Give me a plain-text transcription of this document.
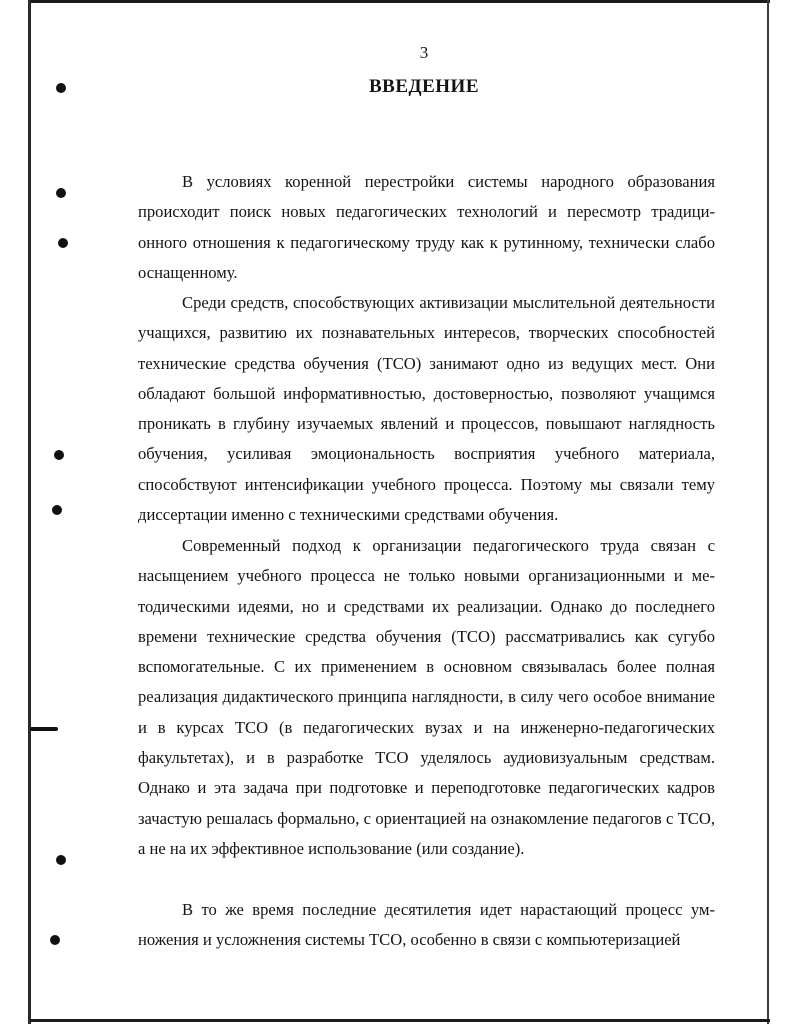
3
ВВЕДЕНИЕ

В условиях коренной перестройки системы народного образования происходит поиск новых педагогических технологий и пересмотр традиционного отношения к педагогическому труду как к рутинному, технически слабо оснащенному.

Среди средств, способствующих активизации мыслительной деятельности учащихся, развитию их познавательных интересов, творческих способностей технические средства обучения (ТСО) занимают одно из ведущих мест. Они обладают большой информативностью, достоверностью, позволяют учащимся проникать в глубину изучаемых явлений и процессов, повышают наглядность обучения, усиливая эмоциональность восприятия учебного материала, способствуют интенсификации учебного процесса. Поэтому мы связали тему диссертации именно с техническими средствами обучения.

Современный подход к организации педагогического труда связан с насыщением учебного процесса не только новыми организационными и методическими идеями, но и средствами их реализации. Однако до последнего времени технические средства обучения (ТСО) рассматривались как сугубо вспомогательные. С их применением в основном связывалась более полная реализация дидактического принципа наглядности, в силу чего особое внимание и в курсах ТСО (в педагогических вузах и на инженерно-педагогических факультетах), и в разработке ТСО уделялось аудиовизуальным средствам. Однако и эта задача при подготовке и переподготовке педагогических кадров зачастую решалась формально, с ориентацией на ознакомление педагогов с ТСО, а не на их эффективное использование (или создание).

В то же время последние десятилетия идет нарастающий процесс умножения и усложнения системы ТСО, особенно в связи с компьютеризацией
